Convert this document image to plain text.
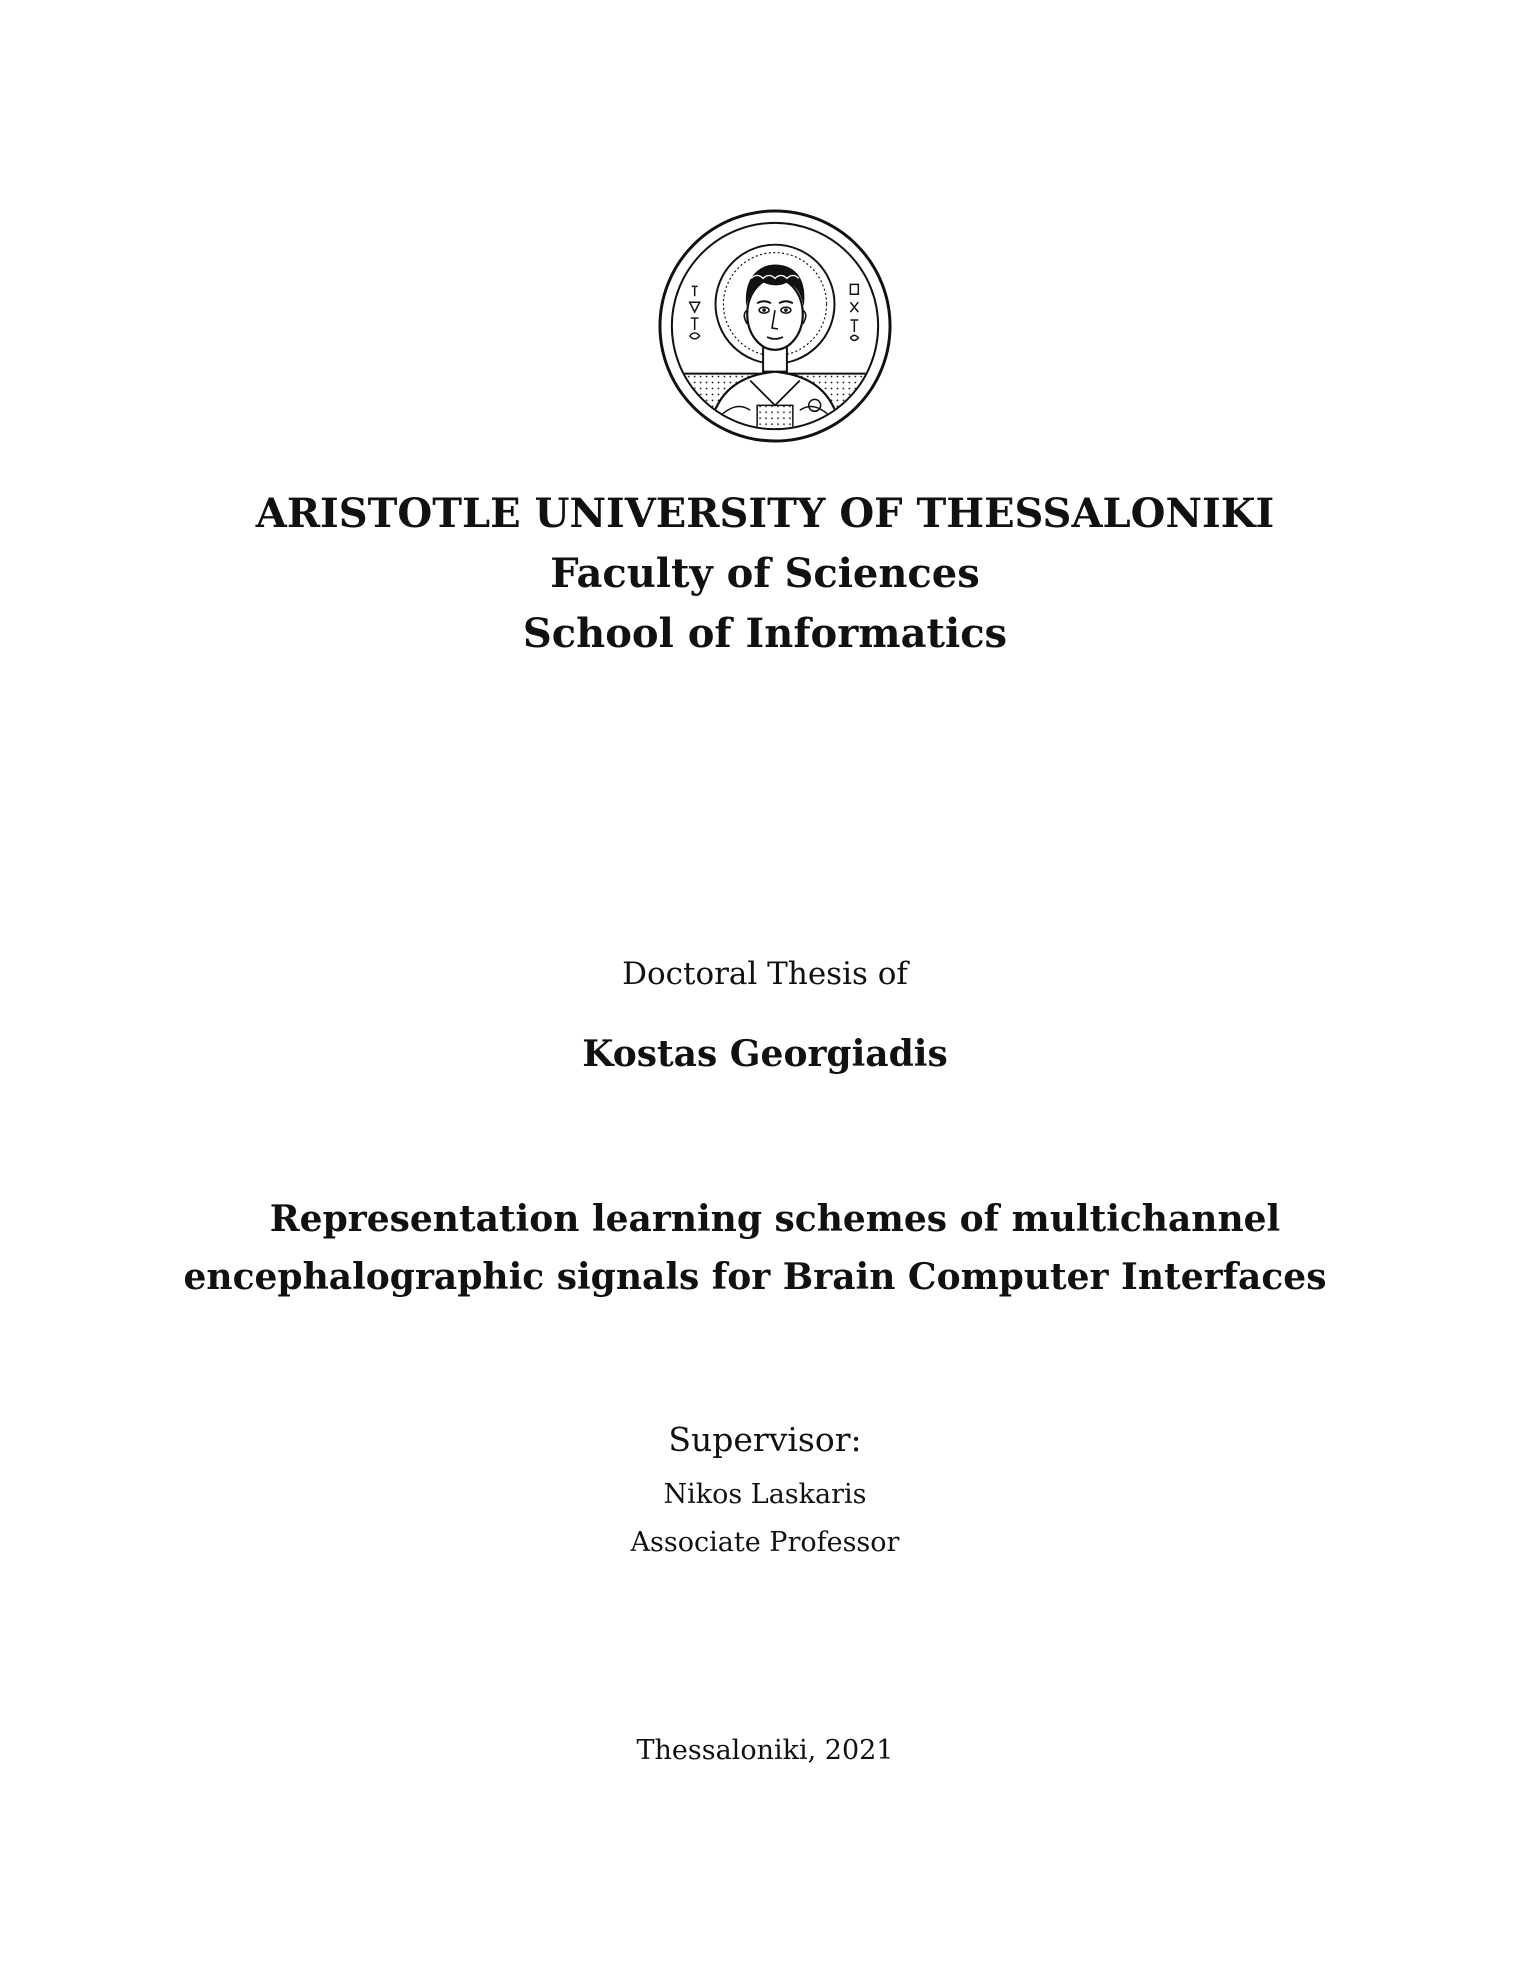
ARISTOTLE UNIVERSITY OF THESSALONIKI
Faculty of Sciences
School of Informatics
Doctoral Thesis of
Kostas Georgiadis
Representation learning schemes of multichannel
encephalographic signals for Brain Computer Interfaces
Supervisor:
Nikos Laskaris
Associate Professor
Thessaloniki, 2021
